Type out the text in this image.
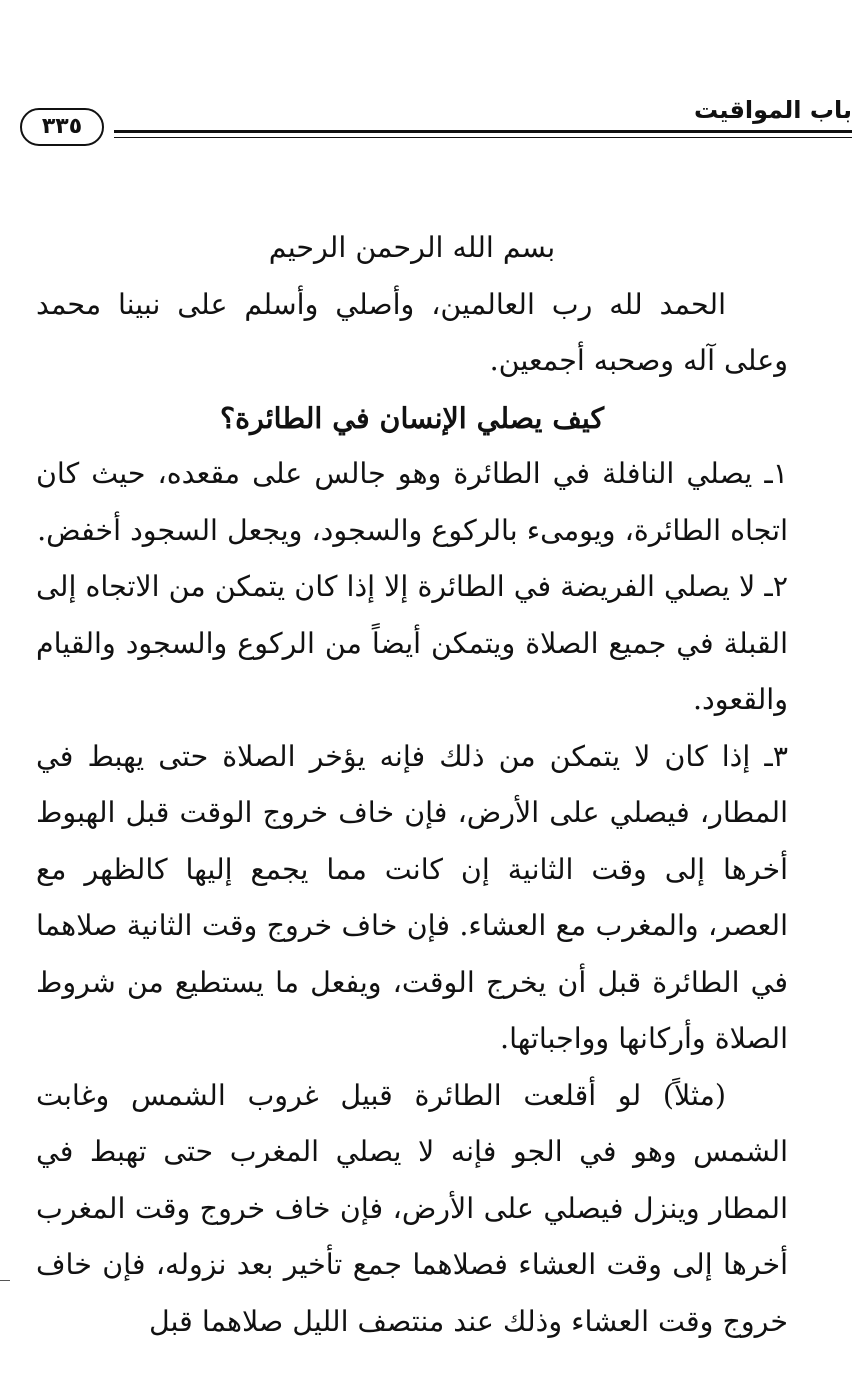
باب المواقيت
٣٣٥

بسم الله الرحمن الرحيم

الحمد لله رب العالمين، وأصلي وأسلم على نبينا محمد وعلى آله وصحبه أجمعين.

كيف يصلي الإنسان في الطائرة؟

١ـ يصلي النافلة في الطائرة وهو جالس على مقعده، حيث كان اتجاه الطائرة، ويومىء بالركوع والسجود، ويجعل السجود أخفض.

٢ـ لا يصلي الفريضة في الطائرة إلا إذا كان يتمكن من الاتجاه إلى القبلة في جميع الصلاة ويتمكن أيضاً من الركوع والسجود والقيام والقعود.

٣ـ إذا كان لا يتمكن من ذلك فإنه يؤخر الصلاة حتى يهبط في المطار، فيصلي على الأرض، فإن خاف خروج الوقت قبل الهبوط أخرها إلى وقت الثانية إن كانت مما يجمع إليها كالظهر مع العصر، والمغرب مع العشاء. فإن خاف خروج وقت الثانية صلاهما في الطائرة قبل أن يخرج الوقت، ويفعل ما يستطيع من شروط الصلاة وأركانها وواجباتها.

(مثلاً) لو أقلعت الطائرة قبيل غروب الشمس وغابت الشمس وهو في الجو فإنه لا يصلي المغرب حتى تهبط في المطار وينزل فيصلي على الأرض، فإن خاف خروج وقت المغرب أخرها إلى وقت العشاء فصلاهما جمع تأخير بعد نزوله، فإن خاف خروج وقت العشاء وذلك عند منتصف الليل صلاهما قبل
